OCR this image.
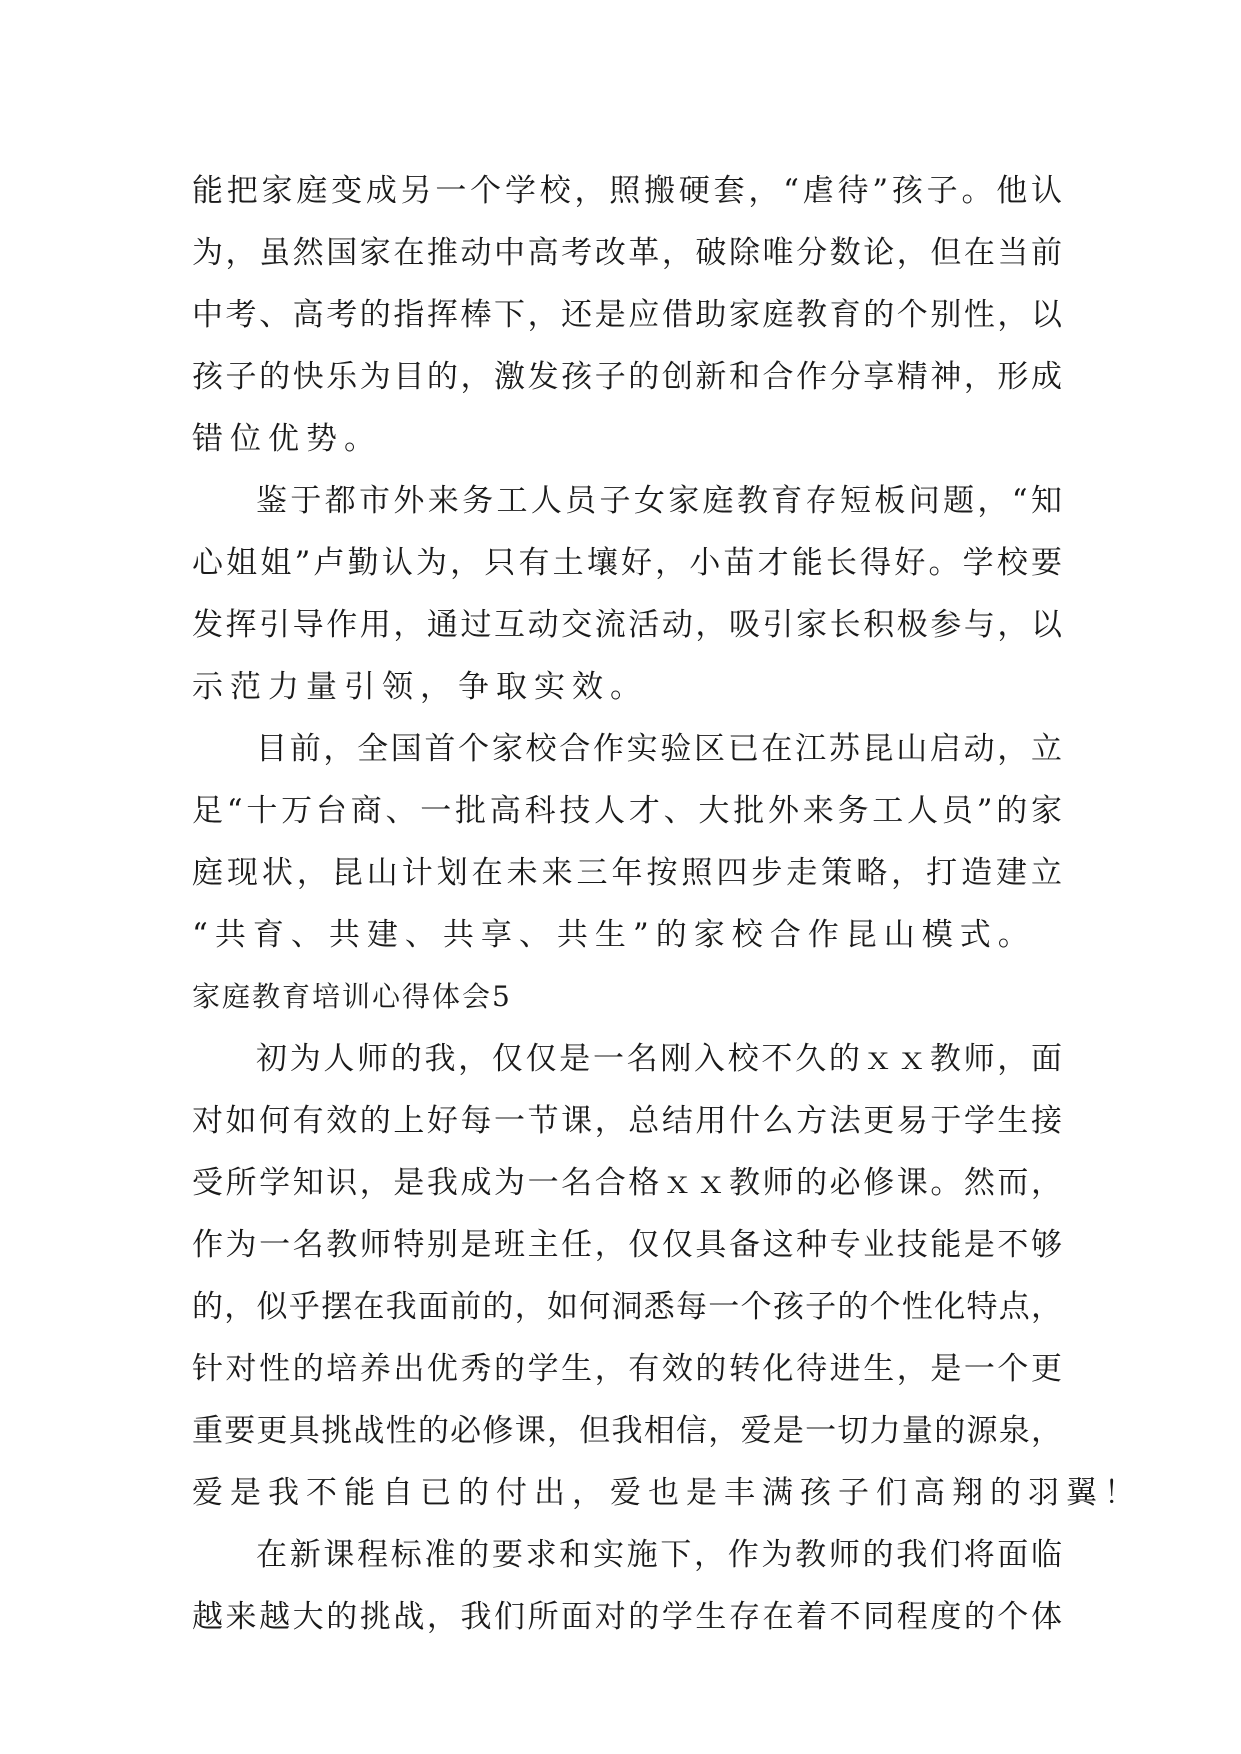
能把家庭变成另一个学校，照搬硬套，“虐待”孩子。他认
为，虽然国家在推动中高考改革，破除唯分数论，但在当前
中考、高考的指挥棒下，还是应借助家庭教育的个别性，以
孩子的快乐为目的，激发孩子的创新和合作分享精神，形成
错位优势。
鉴于都市外来务工人员子女家庭教育存短板问题，“知
心姐姐”卢勤认为，只有土壤好，小苗才能长得好。学校要
发挥引导作用，通过互动交流活动，吸引家长积极参与，以
示范力量引领，争取实效。
目前，全国首个家校合作实验区已在江苏昆山启动，立
足“十万台商、一批高科技人才、大批外来务工人员”的家
庭现状，昆山计划在未来三年按照四步走策略，打造建立
“共育、共建、共享、共生”的家校合作昆山模式。
家庭教育培训心得体会5
初为人师的我，仅仅是一名刚入校不久的ｘｘ教师，面
对如何有效的上好每一节课，总结用什么方法更易于学生接
受所学知识，是我成为一名合格ｘｘ教师的必修课。然而，
作为一名教师特别是班主任，仅仅具备这种专业技能是不够
的，似乎摆在我面前的，如何洞悉每一个孩子的个性化特点，
针对性的培养出优秀的学生，有效的转化待进生，是一个更
重要更具挑战性的必修课，但我相信，爱是一切力量的源泉，
爱是我不能自已的付出，爱也是丰满孩子们高翔的羽翼！
在新课程标准的要求和实施下，作为教师的我们将面临
越来越大的挑战，我们所面对的学生存在着不同程度的个体
